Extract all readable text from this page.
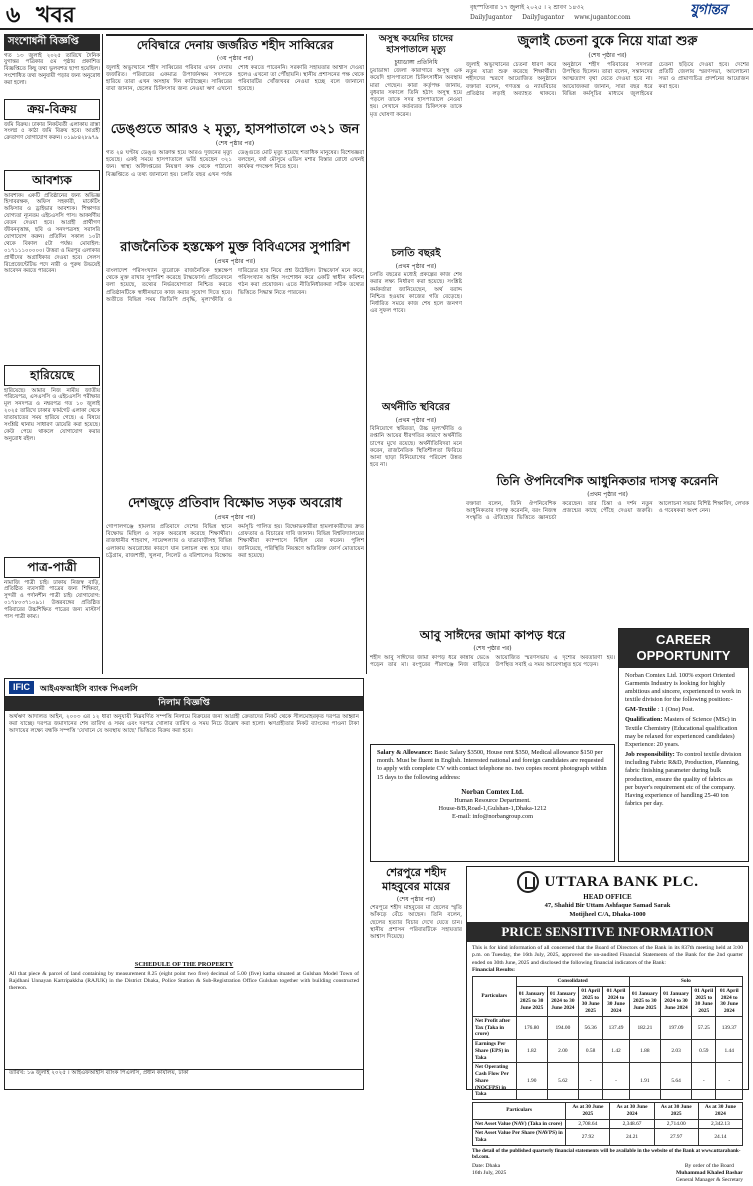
৬ খবর	বৃহস্পতিবার ১৭ জুলাই ২০২৫ । ২ শ্রাবণ ১৪৩২
DailyJugantor DailyJugantor www.jugantor.com	যুগান্তর
সংশোধনী বিজ্ঞপ্তি
গত ১৩ জুলাই ২০২৫ তারিখে দৈনিক যুগান্তর পত্রিকার ৫ম পৃষ্ঠায় প্রকাশিত বিজ্ঞপ্তিতে কিছু তথ্য ভুলবশত ছাপা হয়েছিল। সংশোধিত তথ্য অনুযায়ী পড়ার জন্য অনুরোধ করা হলো।
ক্রয়-বিক্রয়
জমি বিক্রয়। ঢাকার নিকটবর্তী এলাকায় রাস্তা সংলগ্ন ৫ কাঠা জমি বিক্রয় হবে। আগ্রহী ক্রেতাগণ যোগাযোগ করুন। ০১৯৮৪২৮৯৭৯
আবশ্যক
আবশ্যক। একটি প্রতিষ্ঠানের জন্য অভিজ্ঞ হিসাবরক্ষক, অফিস সহকারী, মার্কেটিং অফিসার ও ড্রাইভার আবশ্যক। শিক্ষাগত যোগ্যতা ন্যূনতম এইচএসসি পাস। আকর্ষণীয় বেতন দেওয়া হবে। আগ্রহী প্রার্থীগণ জীবনবৃত্তান্ত, ছবি ও সনদপত্রসহ সরাসরি যোগাযোগ করুন। প্রতিদিন সকাল ১০টা থেকে বিকাল ৫টা পর্যন্ত। মোবাইল: ০১৭১১১০০০০০। উত্তরা ও মিরপুর এলাকার প্রার্থীদের অগ্রাধিকার দেওয়া হবে। সেলস রিপ্রেজেন্টেটিভ পদে নারী ও পুরুষ উভয়েই আবেদন করতে পারবেন।
হারিয়েছে
হারিয়েছে। আমার নিজ নামীয় জাতীয় পরিচয়পত্র, এসএসসি ও এইচএসসি পরীক্ষার মূল সনদপত্র ও নম্বরপত্র গত ১০ জুলাই ২০২৫ তারিখে ঢাকার ফার্মগেট এলাকা থেকে যাতায়াতের সময় হারিয়ে গেছে। এ বিষয়ে সংশ্লিষ্ট থানায় সাধারণ ডায়েরি করা হয়েছে। কেউ পেয়ে থাকলে যোগাযোগ করার অনুরোধ রইল।
পাত্র-পাত্রী
নামাজি পাত্রী চাই। ঢাকায় নিজস্ব বাড়ি, প্রতিষ্ঠিত ব্যবসায়ী পাত্রের জন্য শিক্ষিতা, সুন্দরী ও পর্দানশীন পাত্রী চাই। যোগাযোগ: ০১৭৮০৩৭১০৯১। উত্তরবঙ্গের প্রতিষ্ঠিত পরিবারের উচ্চশিক্ষিত পাত্রের জন্য মাস্টার্স পাস পাত্রী কাম্য।
দেবিদ্বারে দেনায় জর্জরিত শহীদ সাব্বিরের
(৩য় পৃষ্ঠার পর)
জুলাই অভ্যুত্থানে শহীদ সাব্বিরের পরিবার এখন দেনায় জর্জরিত। পরিবারের একমাত্র উপার্জনক্ষম সদস্যকে হারিয়ে তারা এখন অসহায় দিন কাটাচ্ছেন। সাব্বিরের বাবা জানান, ছেলের চিকিৎসার জন্য নেওয়া ঋণ এখনো শোধ করতে পারেননি। সরকারি সহায়তার আশ্বাস দেওয়া হলেও এখনো তা পৌঁছায়নি। স্থানীয় প্রশাসনের পক্ষ থেকে পরিবারটির খোঁজখবর নেওয়া হচ্ছে বলে জানানো হয়েছে।
ডেঙ্গুতে আরও ২ মৃত্যু, হাসপাতালে ৩২১ জন
(শেষ পৃষ্ঠার পর)
গত ২৪ ঘণ্টায় ডেঙ্গু আক্রান্ত হয়ে আরও দুজনের মৃত্যু হয়েছে। একই সময়ে হাসপাতালে ভর্তি হয়েছেন ৩২১ জন। স্বাস্থ্য অধিদপ্তরের নিয়ন্ত্রণ কক্ষ থেকে পাঠানো বিজ্ঞপ্তিতে এ তথ্য জানানো হয়। চলতি বছর এখন পর্যন্ত ডেঙ্গুতে মোট মৃত্যু হয়েছে শতাধিক মানুষের। বিশেষজ্ঞরা বলছেন, বর্ষা মৌসুমে এডিস মশার বিস্তার রোধে এখনই কার্যকর পদক্ষেপ নিতে হবে।
রাজনৈতিক হস্তক্ষেপ মুক্ত বিবিএসের সুপারিশ
(প্রথম পৃষ্ঠার পর)
বাংলাদেশ পরিসংখ্যান ব্যুরোকে রাজনৈতিক হস্তক্ষেপ থেকে মুক্ত রাখার সুপারিশ করেছে টাস্কফোর্স। প্রতিবেদনে বলা হয়েছে, তথ্যের নির্ভরযোগ্যতা নিশ্চিত করতে প্রতিষ্ঠানটিকে স্বাধীনভাবে কাজ করার সুযোগ দিতে হবে। অতীতে বিভিন্ন সময় জিডিপি প্রবৃদ্ধি, মূল্যস্ফীতি ও দারিদ্র্যের হার নিয়ে প্রশ্ন উঠেছিল। টাস্কফোর্স মনে করে, পরিসংখ্যান আইন সংশোধন করে একটি স্বাধীন কমিশন গঠন করা প্রয়োজন। এতে নীতিনির্ধারকরা সঠিক তথ্যের ভিত্তিতে সিদ্ধান্ত নিতে পারবেন।
দেশজুড়ে প্রতিবাদ বিক্ষোভ সড়ক অবরোধ
(প্রথম পৃষ্ঠার পর)
গোপালগঞ্জে হামলার প্রতিবাদে দেশের বিভিন্ন স্থানে বিক্ষোভ মিছিল ও সড়ক অবরোধ করেছে শিক্ষার্থীরা। রাজধানীর শাহবাগ, সায়েন্সল্যাব ও যাত্রাবাড়ীসহ বিভিন্ন এলাকায় অবরোধের কারণে যান চলাচল বন্ধ হয়ে যায়। চট্টগ্রাম, রাজশাহী, খুলনা, সিলেট ও বরিশালেও বিক্ষোভ কর্মসূচি পালিত হয়। বিক্ষোভকারীরা হামলাকারীদের দ্রুত গ্রেফতার ও বিচারের দাবি জানান। বিভিন্ন বিশ্ববিদ্যালয়ের শিক্ষার্থীরা ক্যাম্পাসে মিছিল বের করেন। পুলিশ জানিয়েছে, পরিস্থিতি নিয়ন্ত্রণে অতিরিক্ত ফোর্স মোতায়েন করা হয়েছে।
অসুস্থ কয়েদির চাদের হাসপাতালে মৃত্যু
চুয়াডাঙ্গা প্রতিনিধি
চুয়াডাঙ্গা জেলা কারাগারে অসুস্থ এক কয়েদি হাসপাতালে চিকিৎসাধীন অবস্থায় মারা গেছেন। কারা কর্তৃপক্ষ জানায়, বুধবার সকালে তিনি হঠাৎ অসুস্থ হয়ে পড়লে তাকে সদর হাসপাতালে নেওয়া হয়। সেখানে কর্তব্যরত চিকিৎসক তাকে মৃত ঘোষণা করেন।
চলতি বছরই
(প্রথম পৃষ্ঠার পর)
চলতি বছরের মধ্যেই প্রকল্পের কাজ শেষ করার লক্ষ্য নির্ধারণ করা হয়েছে। সংশ্লিষ্ট কর্মকর্তারা জানিয়েছেন, অর্থ বরাদ্দ নিশ্চিত হওয়ায় কাজের গতি বেড়েছে। নির্ধারিত সময়ে কাজ শেষ হলে জনগণ এর সুফল পাবে।
অর্থনীতি স্থবিরের
(প্রথম পৃষ্ঠার পর)
বিনিয়োগে স্থবিরতা, উচ্চ মূল্যস্ফীতি ও রপ্তানি আয়ের ধীরগতির কারণে অর্থনীতি চাপের মুখে রয়েছে। অর্থনীতিবিদরা মনে করেন, রাজনৈতিক স্থিতিশীলতা ফিরিয়ে আনা ছাড়া বিনিয়োগের পরিবেশ উন্নত হবে না।
জুলাই চেতনা বুকে নিয়ে যাত্রা শুরু
(শেষ পৃষ্ঠার পর)
জুলাই অভ্যুত্থানের চেতনা ধারণ করে নতুন যাত্রা শুরু করেছে শিক্ষার্থীরা। শহীদদের স্মরণে আয়োজিত অনুষ্ঠানে বক্তারা বলেন, গণতন্ত্র ও ন্যায়বিচার প্রতিষ্ঠার লড়াই অব্যাহত থাকবে। অনুষ্ঠানে শহীদ পরিবারের সদস্যরা উপস্থিত ছিলেন। তারা বলেন, সন্তানদের আত্মত্যাগ বৃথা যেতে দেওয়া হবে না। আয়োজকরা জানান, সারা বছর ধরে বিভিন্ন কর্মসূচির মাধ্যমে জুলাইয়ের চেতনা ছড়িয়ে দেওয়া হবে। দেশের প্রতিটি জেলায় স্মরণসভা, আলোচনা সভা ও প্রামাণ্যচিত্র প্রদর্শনের আয়োজন করা হবে।
তিনি ঔপনিবেশিক আধুনিকতার দাসত্ব করেননি
(প্রথম পৃষ্ঠার পর)
বক্তারা বলেন, তিনি ঔপনিবেশিক আধুনিকতার দাসত্ব করেননি, বরং নিজস্ব সংস্কৃতি ও ঐতিহ্যের ভিত্তিতে জ্ঞানচর্চা করেছেন। তার চিন্তা ও দর্শন নতুন প্রজন্মের কাছে পৌঁছে দেওয়া জরুরি। আলোচনা সভায় বিশিষ্ট শিক্ষাবিদ, লেখক ও গবেষকরা অংশ নেন।
আবু সাঈদের জামা কাপড় ধরে
(শেষ পৃষ্ঠার পর)
শহীদ আবু সাঈদের জামা কাপড় ধরে কান্নায় ভেঙে পড়েন তার মা। রংপুরের পীরগঞ্জে নিজ বাড়িতে আয়োজিত স্মরণসভায় এ দৃশ্যের অবতারণা হয়। উপস্থিত সবাই এ সময় আবেগাপ্লুত হয়ে পড়েন।
CAREER OPPORTUNITY

Norban Comtex Ltd. 100% export Oriented Garments Industry is looking for highly ambitious and sincere, experienced to work in textile division for the following position:-

GM-Textile : 1 (One) Post.

Qualification: Masters of Science (MSc) in Textile Chemistry (Educational qualification may be relaxed for experienced candidates) Experience: 20 years.

Job responsibility: To control textile division including Fabric R&D, Production, Planning, fabric finishing parameter during bulk production, ensure the quality of fabrics as per buyer's requirement etc of the company. Having experience of handling 25-40 ton fabrics per day.

Salary & Allowance: Basic Salary $3500, House rent $350, Medical allowance $150 per month. Must be fluent in English. Interested national and foreign candidates are requested to apply with complete CV with contact telephone no. two copies recent photograph within 15 days to the following address:

Norban Comtex Ltd.
Human Resource Department.
House-8/B,Road-1,Gulshan-1,Dhaka-1212
E-mail: info@norbangroup.com
IFIC	আইএফআইসি ব্যাংক পিএলসি
নিলাম বিজ্ঞপ্তি
অর্থঋণ আদালত আইন, ২০০৩ এর ১২ ধারা অনুযায়ী নিম্নবর্ণিত সম্পত্তি নিলামে বিক্রয়ের জন্য আগ্রহী ক্রেতাদের নিকট থেকে সীলমোহরকৃত দরপত্র আহ্বান করা যাচ্ছে। দরপত্র জমাদানের শেষ তারিখ ও সময় এবং দরপত্র খোলার তারিখ ও সময় নিচে উল্লেখ করা হলো। ঋণগ্রহীতার নিকট ব্যাংকের পাওনা টাকা আদায়ের লক্ষ্যে বন্ধকি সম্পত্তি 'যেখানে যে অবস্থায় আছে' ভিত্তিতে বিক্রয় করা হবে।
SCHEDULE OF THE PROPERTY
All that piece & parcel of land containing by measurement 8.25 (eight point two five) decimal of 5.00 (five) katha situated at Gulshan Model Town of Rajdhani Unnayan Kartripakkha (RAJUK) in the District Dhaka, Police Station & Sub-Registration Office Gulshan together with building constructed thereon.
তারিখ: ১৬ জুলাই ২০২৫ । আইএফআইসি ব্যাংক পিএলসি, প্রধান কার্যালয়, ঢাকা
শেরপুরে শহীদ মাহবুবের মায়ের
(শেষ পৃষ্ঠার পর)
শেরপুরে শহীদ মাহবুবের মা ছেলের স্মৃতি আঁকড়ে বেঁচে আছেন। তিনি বলেন, ছেলের হত্যার বিচার দেখে যেতে চান। স্থানীয় প্রশাসন পরিবারটিকে সহায়তার আশ্বাস দিয়েছে।
UTTARA BANK PLC.
HEAD OFFICE
47, Shahid Bir Uttam Ashfaque Samad Sarak
Motijheel C/A, Dhaka-1000
PRICE SENSITIVE INFORMATION
This is for kind information of all concerned that the Board of Directors of the Bank in its 837th meeting held at 3:00 p.m. on Tuesday, the 16th July, 2025, approved the un-audited Financial Statements of the Bank for the 2nd quarter ended on 30th June, 2025 and disclosed the following financial indicators of the Bank:
Financial Results:
Particulars	Consolidated				Solo			
	01 January 2025 to 30 June 2025	01 January 2024 to 30 June 2024	01 April 2025 to 30 June 2025	01 April 2024 to 30 June 2024	01 January 2025 to 30 June 2025	01 January 2024 to 30 June 2024	01 April 2025 to 30 June 2025	01 April 2024 to 30 June 2024
Net Profit after Tax (Taka in crore)	176.80	194.00	56.36	137.49	182.21	197.09	57.25	139.37
Earnings Per Share (EPS) in Taka	1.82	2.00	0.58	1.42	1.88	2.03	0.59	1.44
Net Operating Cash Flow Per Share (NOCFPS) in Taka	1.90	5.62	-	-	1.91	5.64	-	-
Particulars	As at 30 June 2025	As at 30 June 2024	As at 30 June 2025	As at 30 June 2024
Net Asset Value (NAV) (Taka in crore)	2,708.64	2,348.67	2,714.00	2,342.13
Net Asset Value Per Share (NAVPS) in Taka	27.92	24.21	27.97	24.14
The detail of the published quarterly financial statements will be available in the website of the Bank at www.uttarabank-bd.com.
Date: Dhaka
16th July, 2025
By order of the Board
Muhammad Khaled Bashar
General Manager & Secretary
